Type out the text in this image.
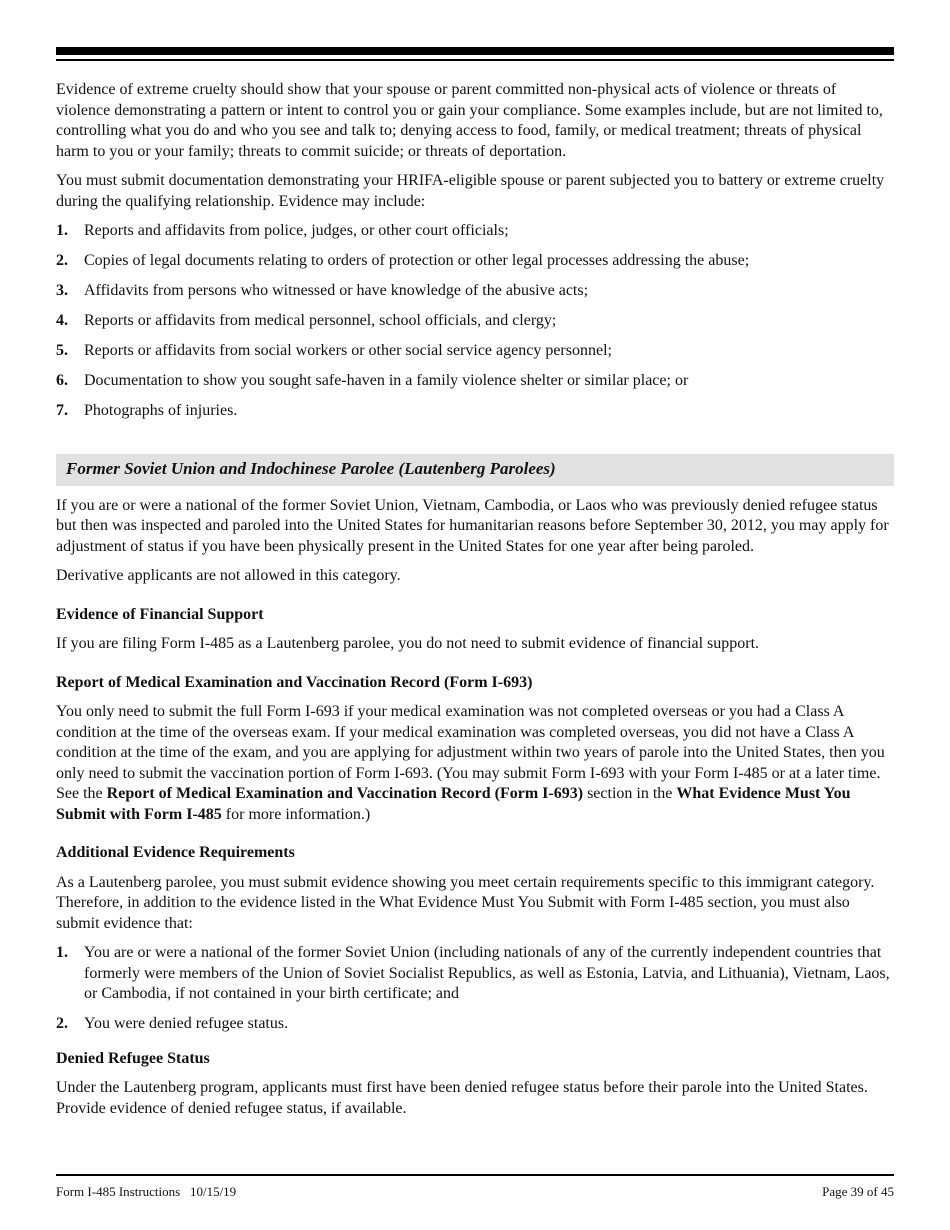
Evidence of extreme cruelty should show that your spouse or parent committed non-physical acts of violence or threats of violence demonstrating a pattern or intent to control you or gain your compliance. Some examples include, but are not limited to, controlling what you do and who you see and talk to; denying access to food, family, or medical treatment; threats of physical harm to you or your family; threats to commit suicide; or threats of deportation.

You must submit documentation demonstrating your HRIFA-eligible spouse or parent subjected you to battery or extreme cruelty during the qualifying relationship. Evidence may include:

1. Reports and affidavits from police, judges, or other court officials;
2. Copies of legal documents relating to orders of protection or other legal processes addressing the abuse;
3. Affidavits from persons who witnessed or have knowledge of the abusive acts;
4. Reports or affidavits from medical personnel, school officials, and clergy;
5. Reports or affidavits from social workers or other social service agency personnel;
6. Documentation to show you sought safe-haven in a family violence shelter or similar place; or
7. Photographs of injuries.
Former Soviet Union and Indochinese Parolee (Lautenberg Parolees)

If you are or were a national of the former Soviet Union, Vietnam, Cambodia, or Laos who was previously denied refugee status but then was inspected and paroled into the United States for humanitarian reasons before September 30, 2012, you may apply for adjustment of status if you have been physically present in the United States for one year after being paroled.

Derivative applicants are not allowed in this category.

Evidence of Financial Support

If you are filing Form I-485 as a Lautenberg parolee, you do not need to submit evidence of financial support.

Report of Medical Examination and Vaccination Record (Form I-693)

You only need to submit the full Form I-693 if your medical examination was not completed overseas or you had a Class A condition at the time of the overseas exam. If your medical examination was completed overseas, you did not have a Class A condition at the time of the exam, and you are applying for adjustment within two years of parole into the United States, then you only need to submit the vaccination portion of Form I-693. (You may submit Form I-693 with your Form I-485 or at a later time. See the Report of Medical Examination and Vaccination Record (Form I-693) section in the What Evidence Must You Submit with Form I-485 for more information.)

Additional Evidence Requirements

As a Lautenberg parolee, you must submit evidence showing you meet certain requirements specific to this immigrant category. Therefore, in addition to the evidence listed in the What Evidence Must You Submit with Form I-485 section, you must also submit evidence that:

1. You are or were a national of the former Soviet Union (including nationals of any of the currently independent countries that formerly were members of the Union of Soviet Socialist Republics, as well as Estonia, Latvia, and Lithuania), Vietnam, Laos, or Cambodia, if not contained in your birth certificate; and
2. You were denied refugee status.
Denied Refugee Status

Under the Lautenberg program, applicants must first have been denied refugee status before their parole into the United States. Provide evidence of denied refugee status, if available.

Form I-485 Instructions   10/15/19	Page 39 of 45
